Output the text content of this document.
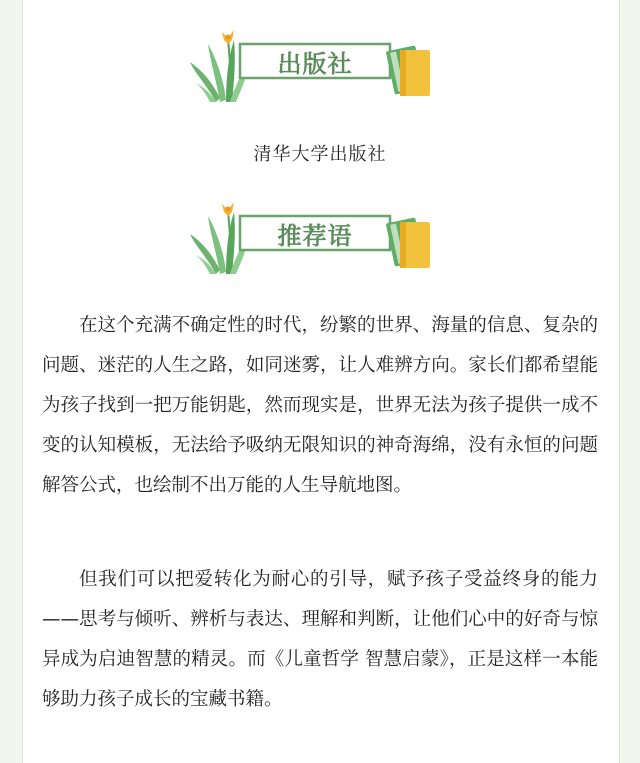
出版社
清华大学出版社
推荐语

在这个充满不确定性的时代，纷繁的世界、海量的信息、复杂的问题、迷茫的人生之路，如同迷雾，让人难辨方向。家长们都希望能为孩子找到一把万能钥匙，然而现实是，世界无法为孩子提供一成不变的认知模板，无法给予吸纳无限知识的神奇海绵，没有永恒的问题解答公式，也绘制不出万能的人生导航地图。

但我们可以把爱转化为耐心的引导，赋予孩子受益终身的能力——思考与倾听、辨析与表达、理解和判断，让他们心中的好奇与惊异成为启迪智慧的精灵。而《儿童哲学 智慧启蒙》，正是这样一本能够助力孩子成长的宝藏书籍。
